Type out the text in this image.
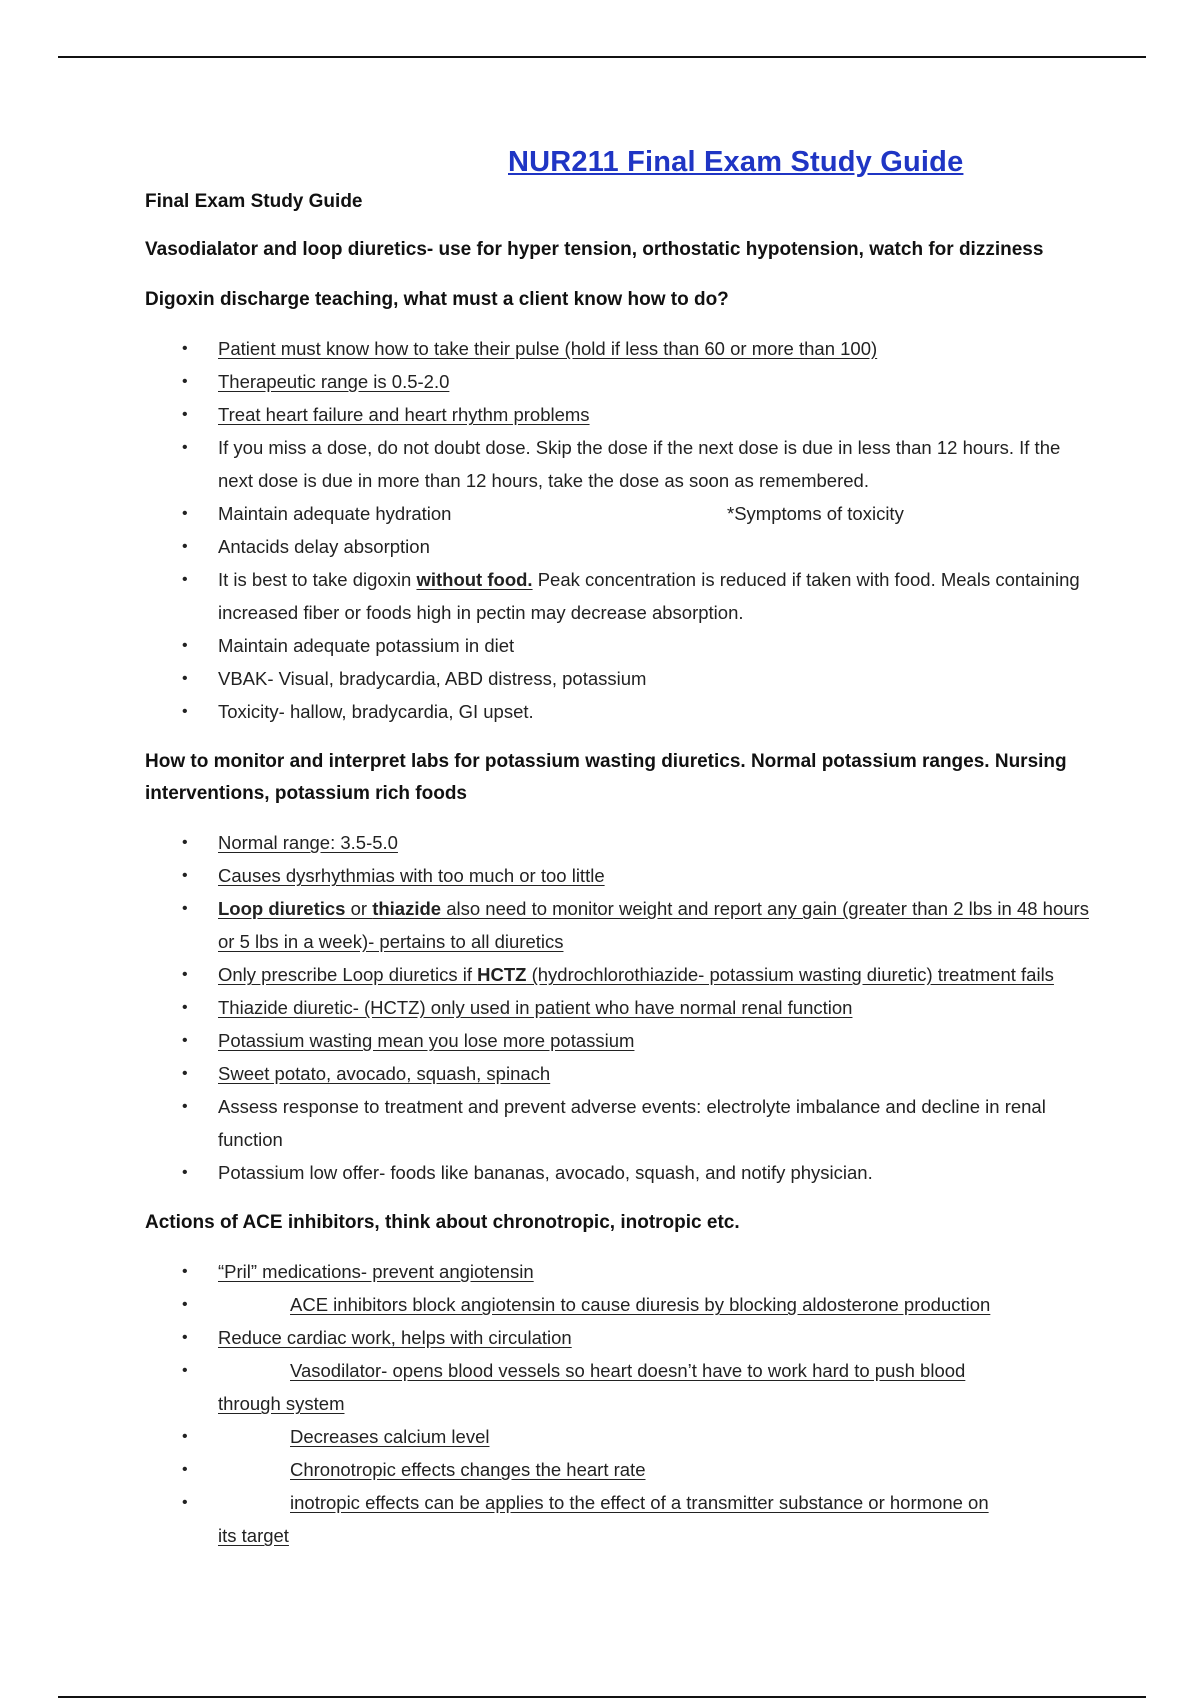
NUR211 Final Exam Study Guide

Final Exam Study Guide

Vasodialator and loop diuretics- use for hyper tension, orthostatic hypotension, watch for dizziness

Digoxin discharge teaching, what must a client know how to do?

• Patient must know how to take their pulse (hold if less than 60 or more than 100)
• Therapeutic range is 0.5-2.0
• Treat heart failure and heart rhythm problems
• If you miss a dose, do not doubt dose. Skip the dose if the next dose is due in less than 12 hours. If the next dose is due in more than 12 hours, take the dose as soon as remembered.
• Maintain adequate hydration	*Symptoms of toxicity
• Antacids delay absorption
• It is best to take digoxin without food. Peak concentration is reduced if taken with food. Meals containing increased fiber or foods high in pectin may decrease absorption.
• Maintain adequate potassium in diet
• VBAK- Visual, bradycardia, ABD distress, potassium
• Toxicity- hallow, bradycardia, GI upset.

How to monitor and interpret labs for potassium wasting diuretics. Normal potassium ranges. Nursing interventions, potassium rich foods

• Normal range: 3.5-5.0
• Causes dysrhythmias with too much or too little
• Loop diuretics or thiazide also need to monitor weight and report any gain (greater than 2 lbs in 48 hours or 5 lbs in a week)- pertains to all diuretics
• Only prescribe Loop diuretics if HCTZ (hydrochlorothiazide- potassium wasting diuretic) treatment fails
• Thiazide diuretic- (HCTZ) only used in patient who have normal renal function
• Potassium wasting mean you lose more potassium
• Sweet potato, avocado, squash, spinach
• Assess response to treatment and prevent adverse events: electrolyte imbalance and decline in renal function
• Potassium low offer- foods like bananas, avocado, squash, and notify physician.

Actions of ACE inhibitors, think about chronotropic, inotropic etc.

• “Pril” medications- prevent angiotensin
•	ACE inhibitors block angiotensin to cause diuresis by blocking aldosterone production
• Reduce cardiac work, helps with circulation
•	Vasodilator- opens blood vessels so heart doesn’t have to work hard to push blood
through system
•	Decreases calcium level
•	Chronotropic effects changes the heart rate
•	inotropic effects can be applies to the effect of a transmitter substance or hormone on
its target
